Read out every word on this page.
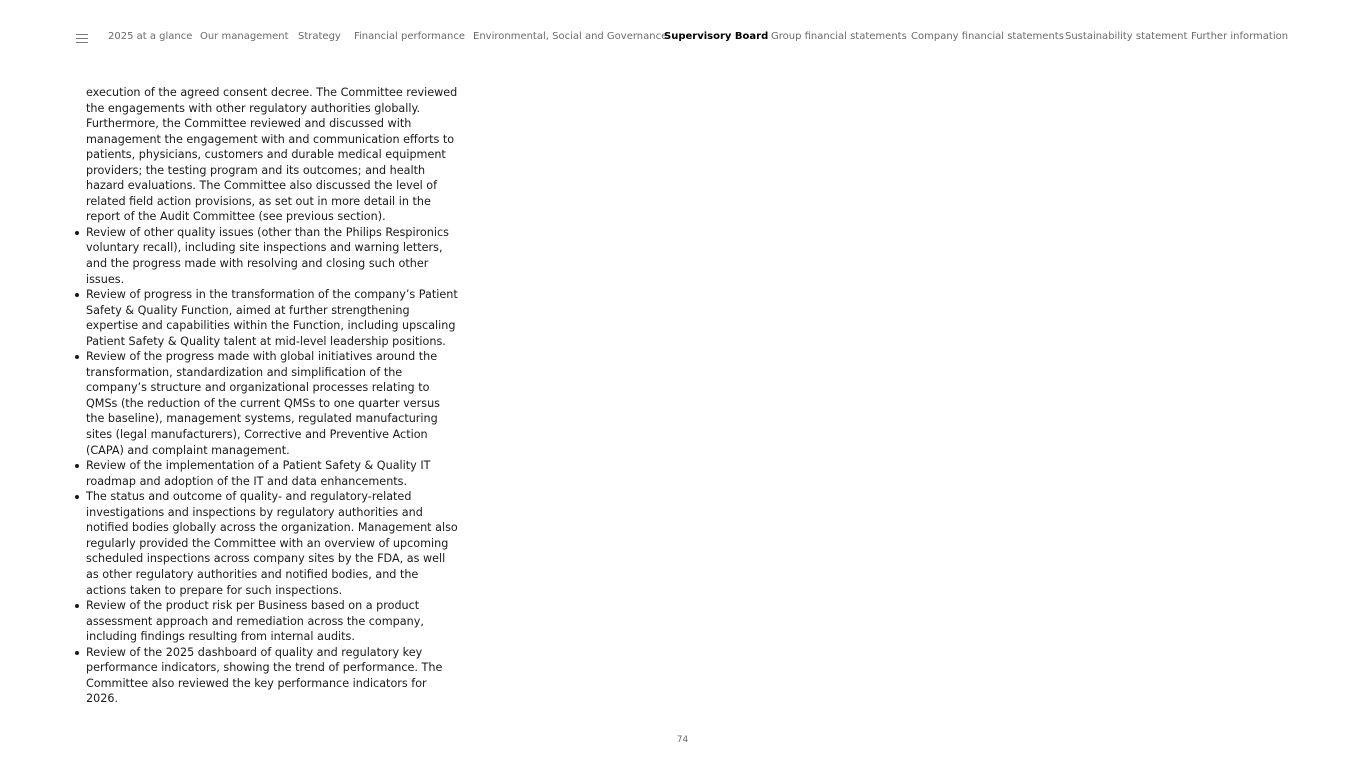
2025 at a glance Our management Strategy Financial performance Environmental, Social and Governance
Supervisory Board Group financial statements Company financial statements Sustainability statement Further information

execution of the agreed consent decree. The Committee reviewed the engagements with other regulatory authorities globally. Furthermore, the Committee reviewed and discussed with management the engagement with and communication efforts to patients, physicians, customers and durable medical equipment providers; the testing program and its outcomes; and health hazard evaluations. The Committee also discussed the level of related field action provisions, as set out in more detail in the report of the Audit Committee (see previous section).

Review of other quality issues (other than the Philips Respironics voluntary recall), including site inspections and warning letters, and the progress made with resolving and closing such other issues.
Review of progress in the transformation of the company’s Patient Safety & Quality Function, aimed at further strengthening expertise and capabilities within the Function, including upscaling Patient Safety & Quality talent at mid-level leadership positions.
Review of the progress made with global initiatives around the transformation, standardization and simplification of the company’s structure and organizational processes relating to QMSs (the reduction of the current QMSs to one quarter versus the baseline), management systems, regulated manufacturing sites (legal manufacturers), Corrective and Preventive Action (CAPA) and complaint management.
Review of the implementation of a Patient Safety & Quality IT roadmap and adoption of the IT and data enhancements.
The status and outcome of quality- and regulatory-related investigations and inspections by regulatory authorities and notified bodies globally across the organization. Management also regularly provided the Committee with an overview of upcoming scheduled inspections across company sites by the FDA, as well as other regulatory authorities and notified bodies, and the actions taken to prepare for such inspections.
Review of the product risk per Business based on a product assessment approach and remediation across the company, including findings resulting from internal audits.
Review of the 2025 dashboard of quality and regulatory key performance indicators, showing the trend of performance. The Committee also reviewed the key performance indicators for 2026.
74
